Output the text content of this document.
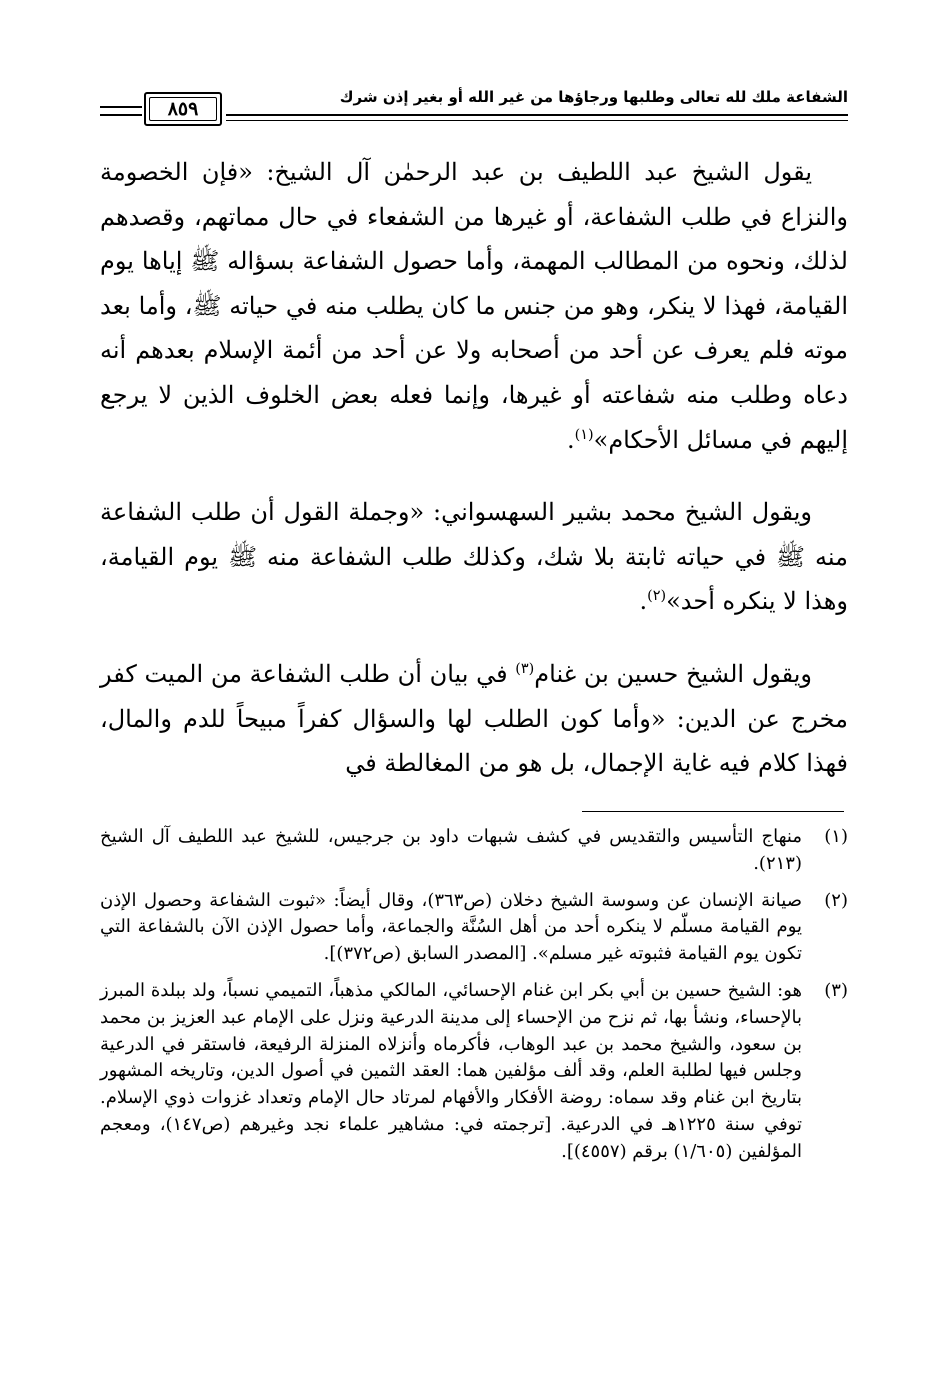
الشفاعة ملك لله تعالى وطلبها ورجاؤها من غير الله أو بغير إذن شرك
٨٥٩

يقول الشيخ عبد اللطيف بن عبد الرحمٰن آل الشيخ: «فإن الخصومة والنزاع في طلب الشفاعة، أو غيرها من الشفعاء في حال مماتهم، وقصدهم لذلك، ونحوه من المطالب المهمة، وأما حصول الشفاعة بسؤاله ﷺ إياها يوم القيامة، فهذا لا ينكر، وهو من جنس ما كان يطلب منه في حياته ﷺ، وأما بعد موته فلم يعرف عن أحد من أصحابه ولا عن أحد من أئمة الإسلام بعدهم أنه دعاه وطلب منه شفاعته أو غيرها، وإنما فعله بعض الخلوف الذين لا يرجع إليهم في مسائل الأحكام»$^{(١)}$.

ويقول الشيخ محمد بشير السهسواني: «وجملة القول أن طلب الشفاعة منه ﷺ في حياته ثابتة بلا شك، وكذلك طلب الشفاعة منه ﷺ يوم القيامة، وهذا لا ينكره أحد»$^{(٢)}$.

ويقول الشيخ حسين بن غنام$^{(٣)}$ في بيان أن طلب الشفاعة من الميت كفر مخرج عن الدين: «وأما كون الطلب لها والسؤال كفراً مبيحاً للدم والمال، فهذا كلام فيه غاية الإجمال، بل هو من المغالطة في

(١)
منهاج التأسيس والتقديس في كشف شبهات داود بن جرجيس، للشيخ عبد اللطيف آل الشيخ (٢١٣).
(٢)
صيانة الإنسان عن وسوسة الشيخ دخلان (ص٣٦٣)، وقال أيضاً: «ثبوت الشفاعة وحصول الإذن يوم القيامة مسلّم لا ينكره أحد من أهل السُنَّة والجماعة، وأما حصول الإذن الآن بالشفاعة التي تكون يوم القيامة فثبوته غير مسلم». [المصدر السابق (ص٣٧٢)].
(٣)
هو: الشيخ حسين بن أبي بكر ابن غنام الإحسائي، المالكي مذهباً، التميمي نسباً، ولد ببلدة المبرز بالإحساء، ونشأ بها، ثم نزح من الإحساء إلى مدينة الدرعية ونزل على الإمام عبد العزيز بن محمد بن سعود، والشيخ محمد بن عبد الوهاب، فأكرماه وأنزلاه المنزلة الرفيعة، فاستقر في الدرعية وجلس فيها لطلبة العلم، وقد ألف مؤلفين هما: العقد الثمين في أصول الدين، وتاريخه المشهور بتاريخ ابن غنام وقد سماه: روضة الأفكار والأفهام لمرتاد حال الإمام وتعداد غزوات ذوي الإسلام. توفي سنة ١٢٢٥هـ في الدرعية. [ترجمته في: مشاهير علماء نجد وغيرهم (ص١٤٧)، ومعجم المؤلفين (١/٦٠٥) برقم (٤٥٥٧)].
